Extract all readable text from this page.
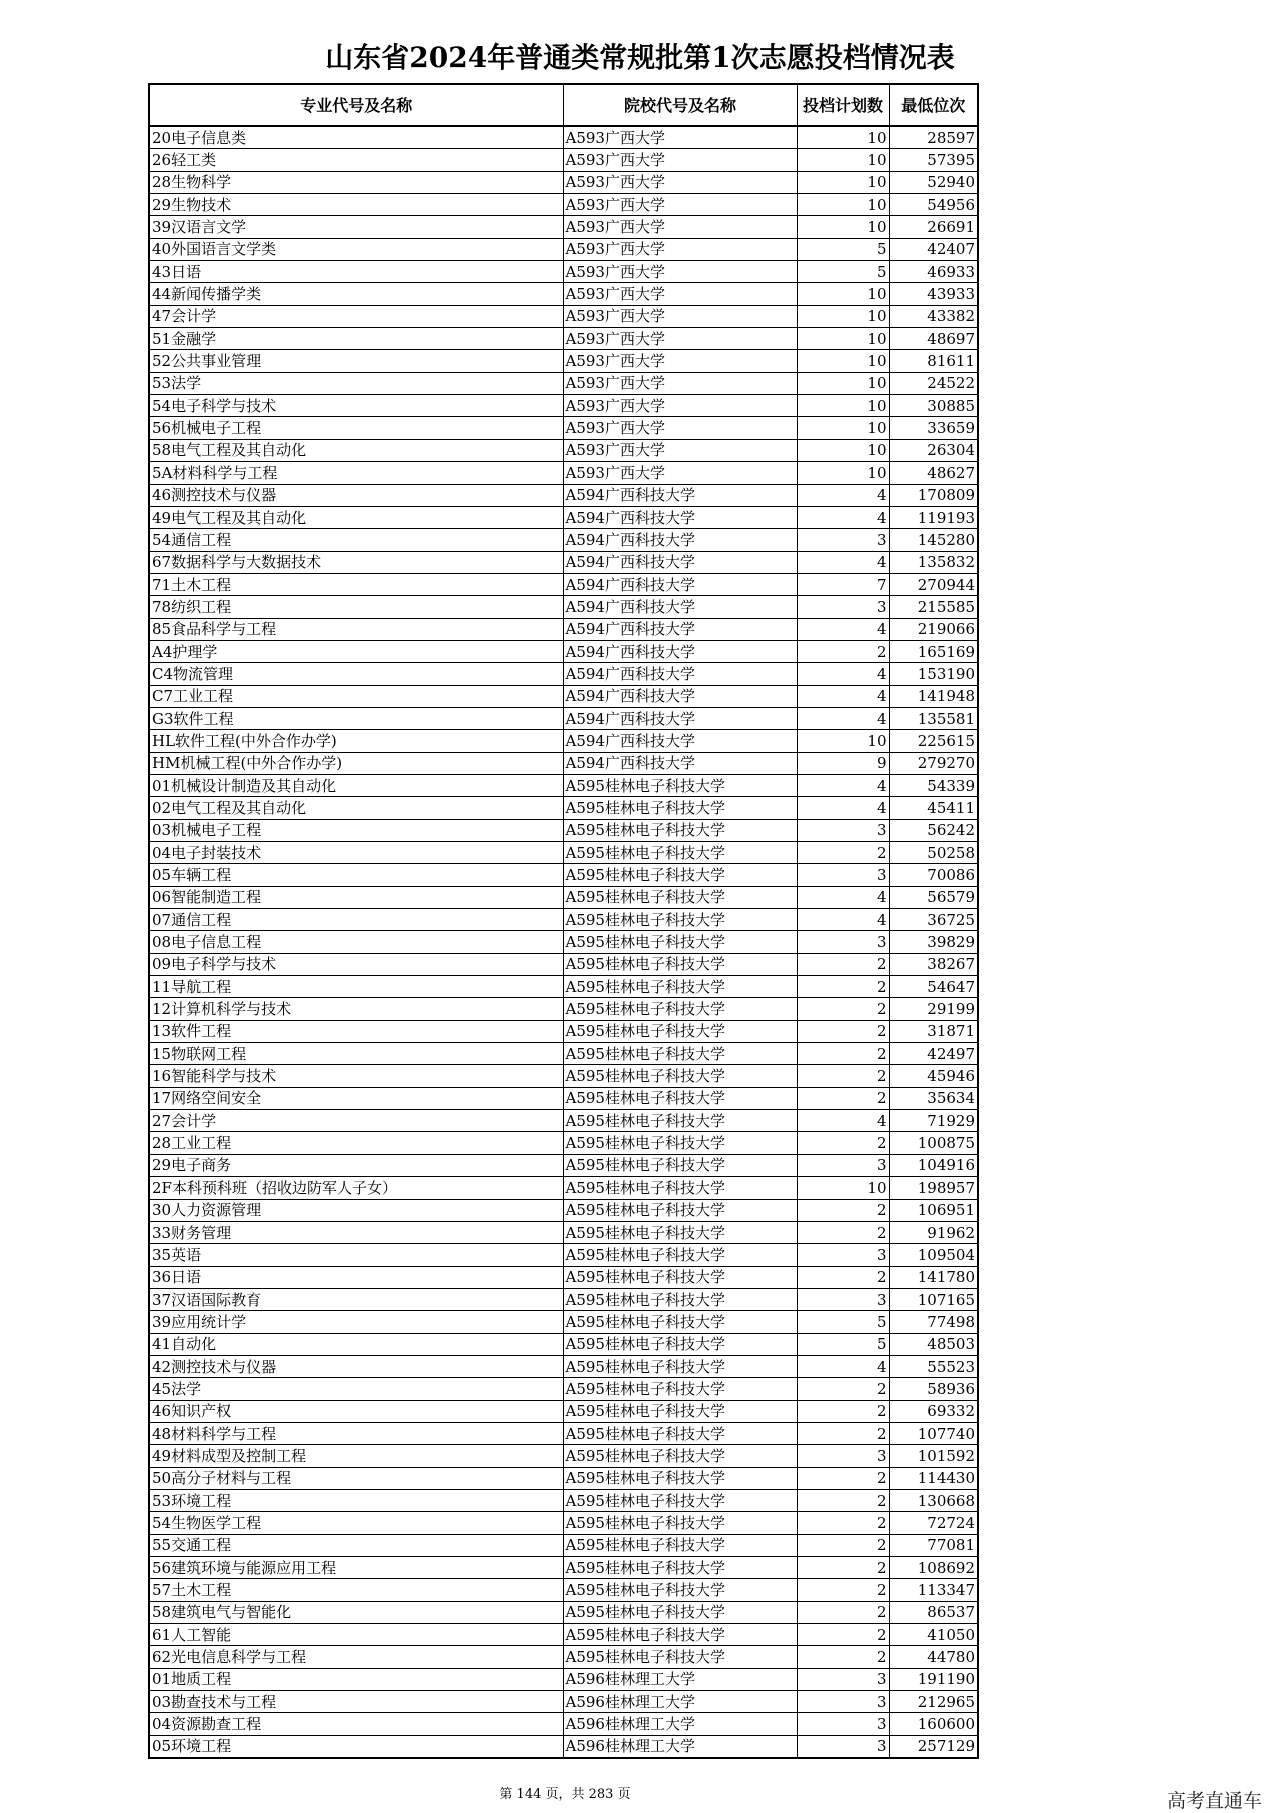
山东省2024年普通类常规批第1次志愿投档情况表
专业代号及名称	院校代号及名称	投档计划数	最低位次
20电子信息类	A593广西大学	10	28597
26轻工类	A593广西大学	10	57395
28生物科学	A593广西大学	10	52940
29生物技术	A593广西大学	10	54956
39汉语言文学	A593广西大学	10	26691
40外国语言文学类	A593广西大学	5	42407
43日语	A593广西大学	5	46933
44新闻传播学类	A593广西大学	10	43933
47会计学	A593广西大学	10	43382
51金融学	A593广西大学	10	48697
52公共事业管理	A593广西大学	10	81611
53法学	A593广西大学	10	24522
54电子科学与技术	A593广西大学	10	30885
56机械电子工程	A593广西大学	10	33659
58电气工程及其自动化	A593广西大学	10	26304
5A材料科学与工程	A593广西大学	10	48627
46测控技术与仪器	A594广西科技大学	4	170809
49电气工程及其自动化	A594广西科技大学	4	119193
54通信工程	A594广西科技大学	3	145280
67数据科学与大数据技术	A594广西科技大学	4	135832
71土木工程	A594广西科技大学	7	270944
78纺织工程	A594广西科技大学	3	215585
85食品科学与工程	A594广西科技大学	4	219066
A4护理学	A594广西科技大学	2	165169
C4物流管理	A594广西科技大学	4	153190
C7工业工程	A594广西科技大学	4	141948
G3软件工程	A594广西科技大学	4	135581
HL软件工程(中外合作办学)	A594广西科技大学	10	225615
HM机械工程(中外合作办学)	A594广西科技大学	9	279270
01机械设计制造及其自动化	A595桂林电子科技大学	4	54339
02电气工程及其自动化	A595桂林电子科技大学	4	45411
03机械电子工程	A595桂林电子科技大学	3	56242
04电子封装技术	A595桂林电子科技大学	2	50258
05车辆工程	A595桂林电子科技大学	3	70086
06智能制造工程	A595桂林电子科技大学	4	56579
07通信工程	A595桂林电子科技大学	4	36725
08电子信息工程	A595桂林电子科技大学	3	39829
09电子科学与技术	A595桂林电子科技大学	2	38267
11导航工程	A595桂林电子科技大学	2	54647
12计算机科学与技术	A595桂林电子科技大学	2	29199
13软件工程	A595桂林电子科技大学	2	31871
15物联网工程	A595桂林电子科技大学	2	42497
16智能科学与技术	A595桂林电子科技大学	2	45946
17网络空间安全	A595桂林电子科技大学	2	35634
27会计学	A595桂林电子科技大学	4	71929
28工业工程	A595桂林电子科技大学	2	100875
29电子商务	A595桂林电子科技大学	3	104916
2F本科预科班（招收边防军人子女）	A595桂林电子科技大学	10	198957
30人力资源管理	A595桂林电子科技大学	2	106951
33财务管理	A595桂林电子科技大学	2	91962
35英语	A595桂林电子科技大学	3	109504
36日语	A595桂林电子科技大学	2	141780
37汉语国际教育	A595桂林电子科技大学	3	107165
39应用统计学	A595桂林电子科技大学	5	77498
41自动化	A595桂林电子科技大学	5	48503
42测控技术与仪器	A595桂林电子科技大学	4	55523
45法学	A595桂林电子科技大学	2	58936
46知识产权	A595桂林电子科技大学	2	69332
48材料科学与工程	A595桂林电子科技大学	2	107740
49材料成型及控制工程	A595桂林电子科技大学	3	101592
50高分子材料与工程	A595桂林电子科技大学	2	114430
53环境工程	A595桂林电子科技大学	2	130668
54生物医学工程	A595桂林电子科技大学	2	72724
55交通工程	A595桂林电子科技大学	2	77081
56建筑环境与能源应用工程	A595桂林电子科技大学	2	108692
57土木工程	A595桂林电子科技大学	2	113347
58建筑电气与智能化	A595桂林电子科技大学	2	86537
61人工智能	A595桂林电子科技大学	2	41050
62光电信息科学与工程	A595桂林电子科技大学	2	44780
01地质工程	A596桂林理工大学	3	191190
03勘查技术与工程	A596桂林理工大学	3	212965
04资源勘查工程	A596桂林理工大学	3	160600
05环境工程	A596桂林理工大学	3	257129
第 144 页，共 283 页	高考直通车
